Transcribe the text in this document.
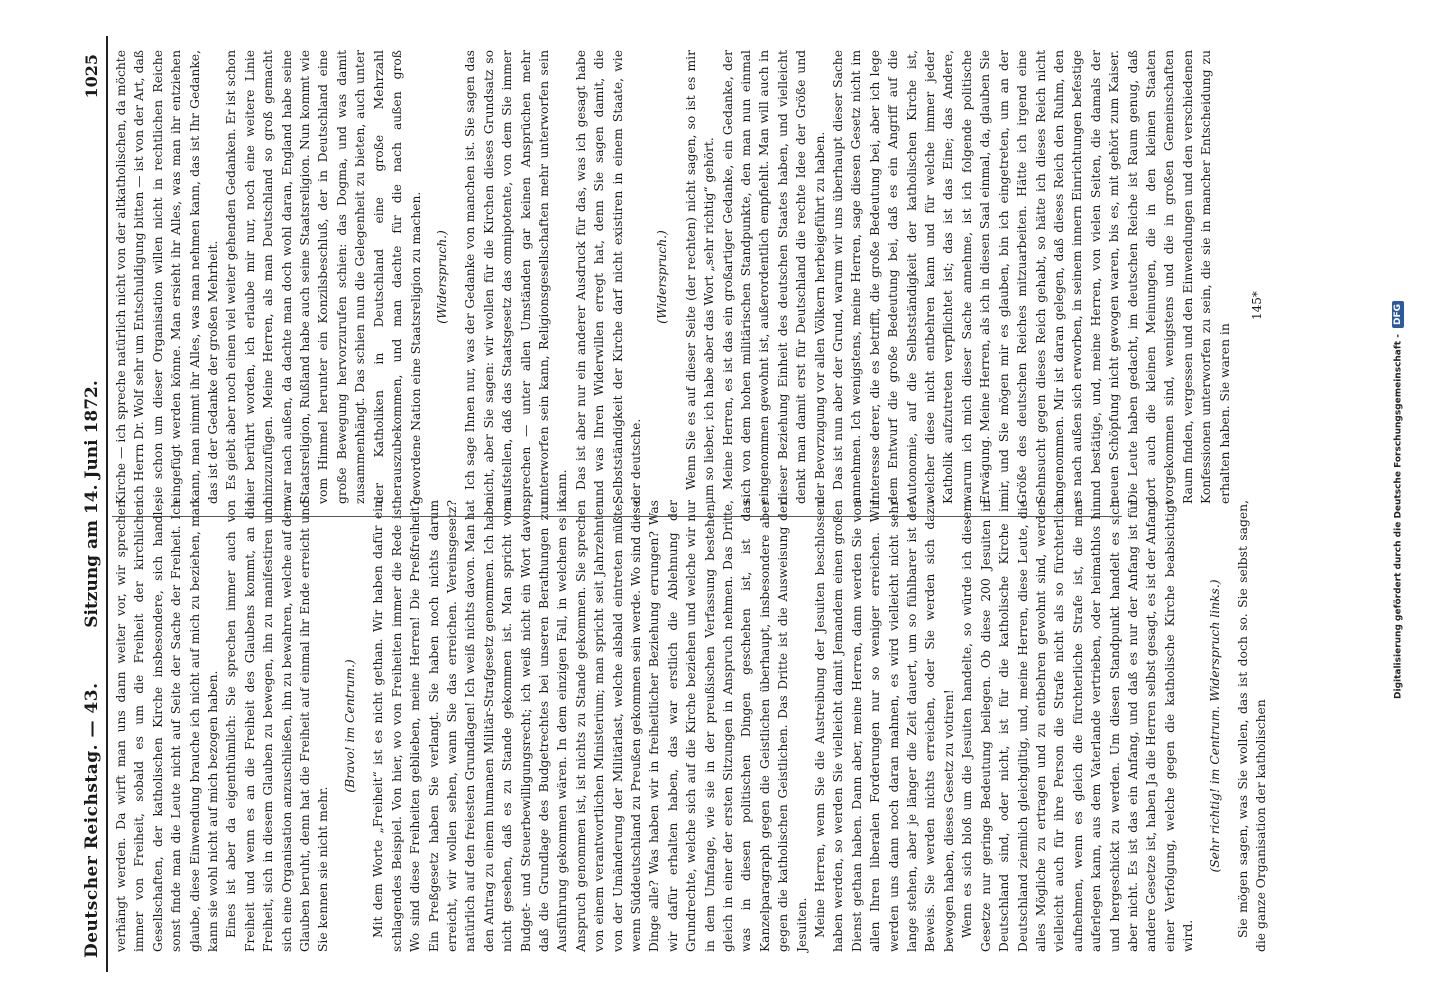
Deutscher Reichstag. — 43.
Sitzung am 14. Juni 1872.
1025

verhängt werden. Da wirft man uns dann weiter vor, wir sprechen immer von Freiheit, sobald es um die Freiheit der kirchlichen Gesellschaften, der katholischen Kirche insbesondere, sich handle; sonst finde man die Leute nicht auf Seite der Sache der Freiheit. Ich glaube, diese Einwendung brauche ich nicht auf mich zu beziehen, man kann sie wohl nicht auf mich bezogen haben. Eines ist aber da eigenthümlich: Sie sprechen immer auch von Freiheit und wenn es an die Freiheit des Glaubens kommt, an die Freiheit, sich in diesem Glauben zu bewegen, ihn zu manifestiren und sich eine Organisation anzuschließen, ihn zu bewahren, welche auf dem Glauben beruht, denn hat die Freiheit auf einmal ihr Ende erreicht und Sie kennen sie nicht mehr.

(Bravo! im Centrum.) Mit dem Worte „Freiheit“ ist es nicht gethan. Wir haben dafür ein schlagendes Beispiel. Von hier, wo von Freiheiten immer die Rede ist. Wo sind diese Freiheiten geblieben, meine Herren! Die Preßfreiheit? Ein Preßgesetz haben Sie verlangt. Sie haben noch nichts darum erreicht, wir wollen sehen, wann Sie das erreichen. Vereinsgesetz? natürlich auf den freiesten Grundlagen! Ich weiß nichts davon. Man hat den Antrag zu einem humanen Militär-Strafgesetz genommen. Ich habe nicht gesehen, daß es zu Stande gekommen ist. Man spricht vom Budget- und Steuerbewilligungsrecht; ich weiß nicht ein Wort davon, daß die Grundlage des Budgetrechtes bei unseren Berathungen zur Ausführung gekommen wären. In dem einzigen Fall, in welchem es in Anspruch genommen ist, ist nichts zu Stande gekommen. Sie sprechen von einem verantwortlichen Ministerium; man spricht seit Jahrzehnten von der Umänderung der Militärlast, welche alsbald eintreten müßte, wenn Süddeutschland zu Preußen gekommen sein werde. Wo sind diese Dinge alle? Was haben wir in freiheitlicher Beziehung errungen? Was wir dafür erhalten haben, das war erstlich die Ablehnung der Grundrechte, welche sich auf die Kirche beziehen und welche wir nur in dem Umfange, wie sie in der preußischen Verfassung bestehen, gleich in einer der ersten Sitzungen in Anspruch nehmen. Das Dritte, was in diesen politischen Dingen geschehen ist, ist das Kanzelparagraph gegen die Geistlichen überhaupt, insbesondere aber gegen die katholischen Geistlichen. Das Dritte ist die Ausweisung der Jesuiten. Meine Herren, wenn Sie die Austreibung der Jesuiten beschlossen haben werden, so werden Sie vielleicht damit Jemandem einen großen Dienst gethan haben. Dann aber, meine Herren, dann werden Sie von allen Ihren liberalen Forderungen nur so weniger erreichen. Wir werden uns dann noch daran mahnen, es wird vielleicht nicht sehr lange stehen, aber je länger die Zeit dauert, um so fühlbarer ist der Beweis. Sie werden nichts erreichen, oder Sie werden sich dazu bewogen haben, dieses Gesetz zu votiren! Wenn es sich bloß um die Jesuiten handelte, so würde ich diesem Gesetze nur geringe Bedeutung beilegen. Ob diese 200 Jesuiten in Deutschland sind, oder nicht, ist für die katholische Kirche in Deutschland ziemlich gleichgiltig, und, meine Herren, diese Leute, die alles Mögliche zu ertragen und zu entbehren gewohnt sind, werden vielleicht auch für ihre Person die Strafe nicht als so fürchterlich aufnehmen, wenn es gleich die fürchterliche Strafe ist, die man auferlegen kann, aus dem Vaterlande vertrieben, oder heimathlos hin und hergeschickt zu werden. Um diesen Standpunkt handelt es sich aber nicht. Es ist das ein Anfang, und daß es nur der Anfang ist für andere Gesetze ist, haben Ja die Herren selbst gesagt, es ist der Anfang einer Verfolgung, welche gegen die katholische Kirche beabsichtigt wird.

(Sehr richtig! im Centrum. Widerspruch links.) Sie mögen sagen, was Sie wollen, das ist doch so. Sie selbst sagen, die ganze Organisation der katholischen

Kirche — ich spreche natürlich nicht von der altkatholischen, da möchte ich Herrn Dr. Wolf sehr um Entschuldigung bitten — ist von der Art, daß sie schon um dieser Organisation willen nicht in rechtlichen Reiche eingefügt werden könne. Man ersieht ihr Alles, was man ihr entziehen kann, man nimmt ihr Alles, was man nehmen kann, das ist Ihr Gedanke, das ist der Gedanke der großen Mehrheit. Es giebt aber noch einen viel weiter gehenden Gedanken. Er ist schon hier berührt worden, ich erlaube mir nur, noch eine weitere Linie hinzuzufügen. Meine Herren, als man Deutschland so groß gemacht war nach außen, da dachte man doch wohl daran, England habe seine Staatsreligion, Rußland habe auch seine Staatsreligion. Nun kommt wie vom Himmel herunter ein Konzilsbeschluß, der in Deutschland eine große Bewegung hervorzurufen schien: das Dogma, und was damit zusammenhängt. Das schien nun die Gelegenheit zu bieten, auch unter der Katholiken in Deutschland eine große Mehrzahl herauszubekommen, und man dachte für die nach außen groß gewordene Nation eine Staatsreligion zu machen. (Widerspruch.) Ich sage Ihnen nur, was der Gedanke von manchen ist. Sie sagen das nicht, aber Sie sagen: wir wollen für die Kirchen dieses Grundsatz so aufstellen, daß das Staatsgesetz das omnipotente, von dem Sie immer sprechen — unter allen Umständen gar keinen Ansprüchen mehr unterworfen sein kann, Religionsgesellschaften mehr unterworfen sein kann. Das ist aber nur ein anderer Ausdruck für das, was ich gesagt habe und was Ihren Widerwillen erregt hat, denn Sie sagen damit, die Selbstständigkeit der Kirche darf nicht existiren in einem Staate, wie der deutsche.

(Widerspruch.) Wenn Sie es auf dieser Seite (der rechten) nicht sagen, so ist es mir um so lieber, ich habe aber das Wort „sehr richtig“ gehört. Meine Herren, es ist das ein großartiger Gedanke, ein Gedanke, der sich von dem hohen militärischen Standpunkte, den man nun einmal eingenommen gewohnt ist, außerordentlich empfiehlt. Man will auch in dieser Beziehung Einheit des deutschen Staates haben, und vielleicht denkt man damit erst für Deutschland die rechte Idee der Größe und der Bevorzugung vor allen Völkern herbeigeführt zu haben. Das ist nun aber der Grund, warum wir uns überhaupt dieser Sache annehmen. Ich wenigstens, meine Herren, sage diesen Gesetz nicht im Interesse derer, die es betrifft, die große Bedeutung bei, aber ich lege dem Entwurf die große Bedeutung bei, daß es ein Angriff auf die Autonomie, auf die Selbstständigkeit der katholischen Kirche ist, welcher diese nicht entbehren kann und für welche immer jeder Katholik aufzutreten verpflichtet ist; das ist das Eine; das Andere, warum ich mich dieser Sache annehme, ist ich folgende politische Erwägung. Meine Herren, als ich in diesen Saal einmal, da, glauben Sie mir, und Sie mögen mir es glauben, bin ich eingetreten, um an der Größe des deutschen Reiches mitzuarbeiten. Hätte ich irgend eine Sehnsucht gegen dieses Reich gehabt, so hätte ich dieses Reich nicht angenommen. Mir ist daran gelegen, daß dieses Reich den Ruhm, den es nach außen sich erworben, in seinem innern Einrichtungen befestige und bestätige, und, meine Herren, von vielen Seiten, die damals der neuen Schöpfung nicht gewogen waren, bis es, mit gehört zum Kaiser. Die Leute haben gedacht, im deutschen Reiche ist Raum genug, daß dort auch die kleinen Meinungen, die in den kleinen Staaten vorgekommen sind, wenigstens und die in großen Gemeinschaften Raum finden, vergessen und den Einwendungen und den verschiedenen Konfessionen unterworfen zu sein, die sie in mancher Entscheidung zu erhalten haben. Sie waren in

145*
Digitalisierung gefördert durch die Deutsche Forschungsgemeinschaft -DFG
